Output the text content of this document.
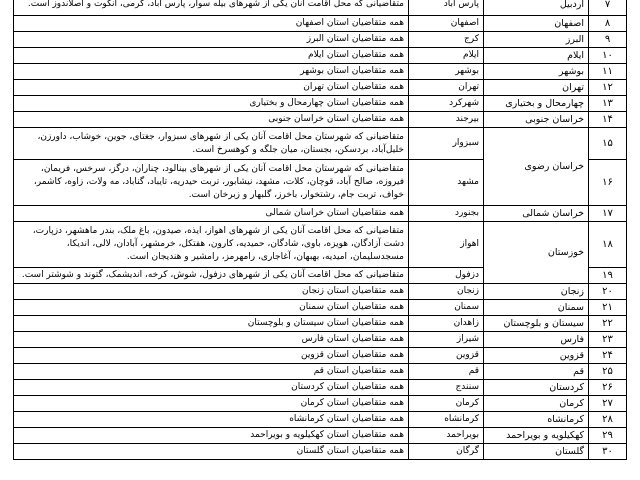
۷	اردبیل	پارس آباد	متقاضیانی که محل اقامت آنان یکی از شهرهای بیله سوار، پارس آباد، گرمی، انگوت و اصلاندوز است.
۸	اصفهان	اصفهان	همه متقاضیان استان اصفهان
۹	البرز	کرج	همه متقاضیان استان البرز
۱۰	ایلام	ایلام	همه متقاضیان استان ایلام
۱۱	بوشهر	بوشهر	همه متقاضیان استان بوشهر
۱۲	تهران	تهران	همه متقاضیان استان تهران
۱۳	چهارمحال و بختیاری	شهرکرد	همه متقاضیان استان چهارمحال و بختیاری
۱۴	خراسان جنوبی	بیرجند	همه متقاضیان استان خراسان جنوبی
۱۵	خراسان رضوی	سبزوار	متقاضیانی که شهرستان محل اقامت آنان یکی از شهرهای سبزوار، جغتای، جوین، خوشاب، داورزن، خلیل‌آباد، بردسکن، بجستان، میان جلگه و کوهسرخ است.
۱۶		مشهد	متقاضیانی که شهرستان محل اقامت آنان یکی از شهرهای بینالود، چناران، درگز، سرخس، فریمان، فیروزه، صالح آباد، قوچان، کلات، مشهد، نیشابور، تربت حیدریه، تایباد، گناباد، مه ولات، زاوه، کاشمر، خواف، تربت جام، رشتخوار، باخرز، گلبهار و زبرخان است.
۱۷	خراسان شمالی	بجنورد	همه متقاضیان استان خراسان شمالی
۱۸	خوزستان	اهواز	متقاضیانی که محل اقامت آنان یکی از شهرهای اهواز، ایذه، صیدون، باغ ملک، بندر ماهشهر، دزپارت، دشت آزادگان، هویزه، باوی، شادگان، حمیدیه، کارون، هفتکل، خرمشهر، آبادان، لالی، اندیکا، مسجدسلیمان، امیدیه، بهبهان، آغاجاری، رامهرمز، رامشیر و هندیجان است.
۱۹		دزفول	متقاضیانی که محل اقامت آنان یکی از شهرهای دزفول، شوش، کرخه، اندیشمک، گتوند و شوشتر است.
۲۰	زنجان	زنجان	همه متقاضیان استان زنجان
۲۱	سمنان	سمنان	همه متقاضیان استان سمنان
۲۲	سیستان و بلوچستان	زاهدان	همه متقاضیان استان سیستان و بلوچستان
۲۳	فارس	شیراز	همه متقاضیان استان فارس
۲۴	قزوین	قزوین	همه متقاضیان استان قزوین
۲۵	قم	قم	همه متقاضیان استان قم
۲۶	کردستان	سنندج	همه متقاضیان استان کردستان
۲۷	کرمان	کرمان	همه متقاضیان استان کرمان
۲۸	کرمانشاه	کرمانشاه	همه متقاضیان استان کرمانشاه
۲۹	کهکیلویه و بویراحمد	بویراحمد	همه متقاضیان استان کهکیلویه و بویراحمد
۳۰	گلستان	گرگان	همه متقاضیان استان گلستان
